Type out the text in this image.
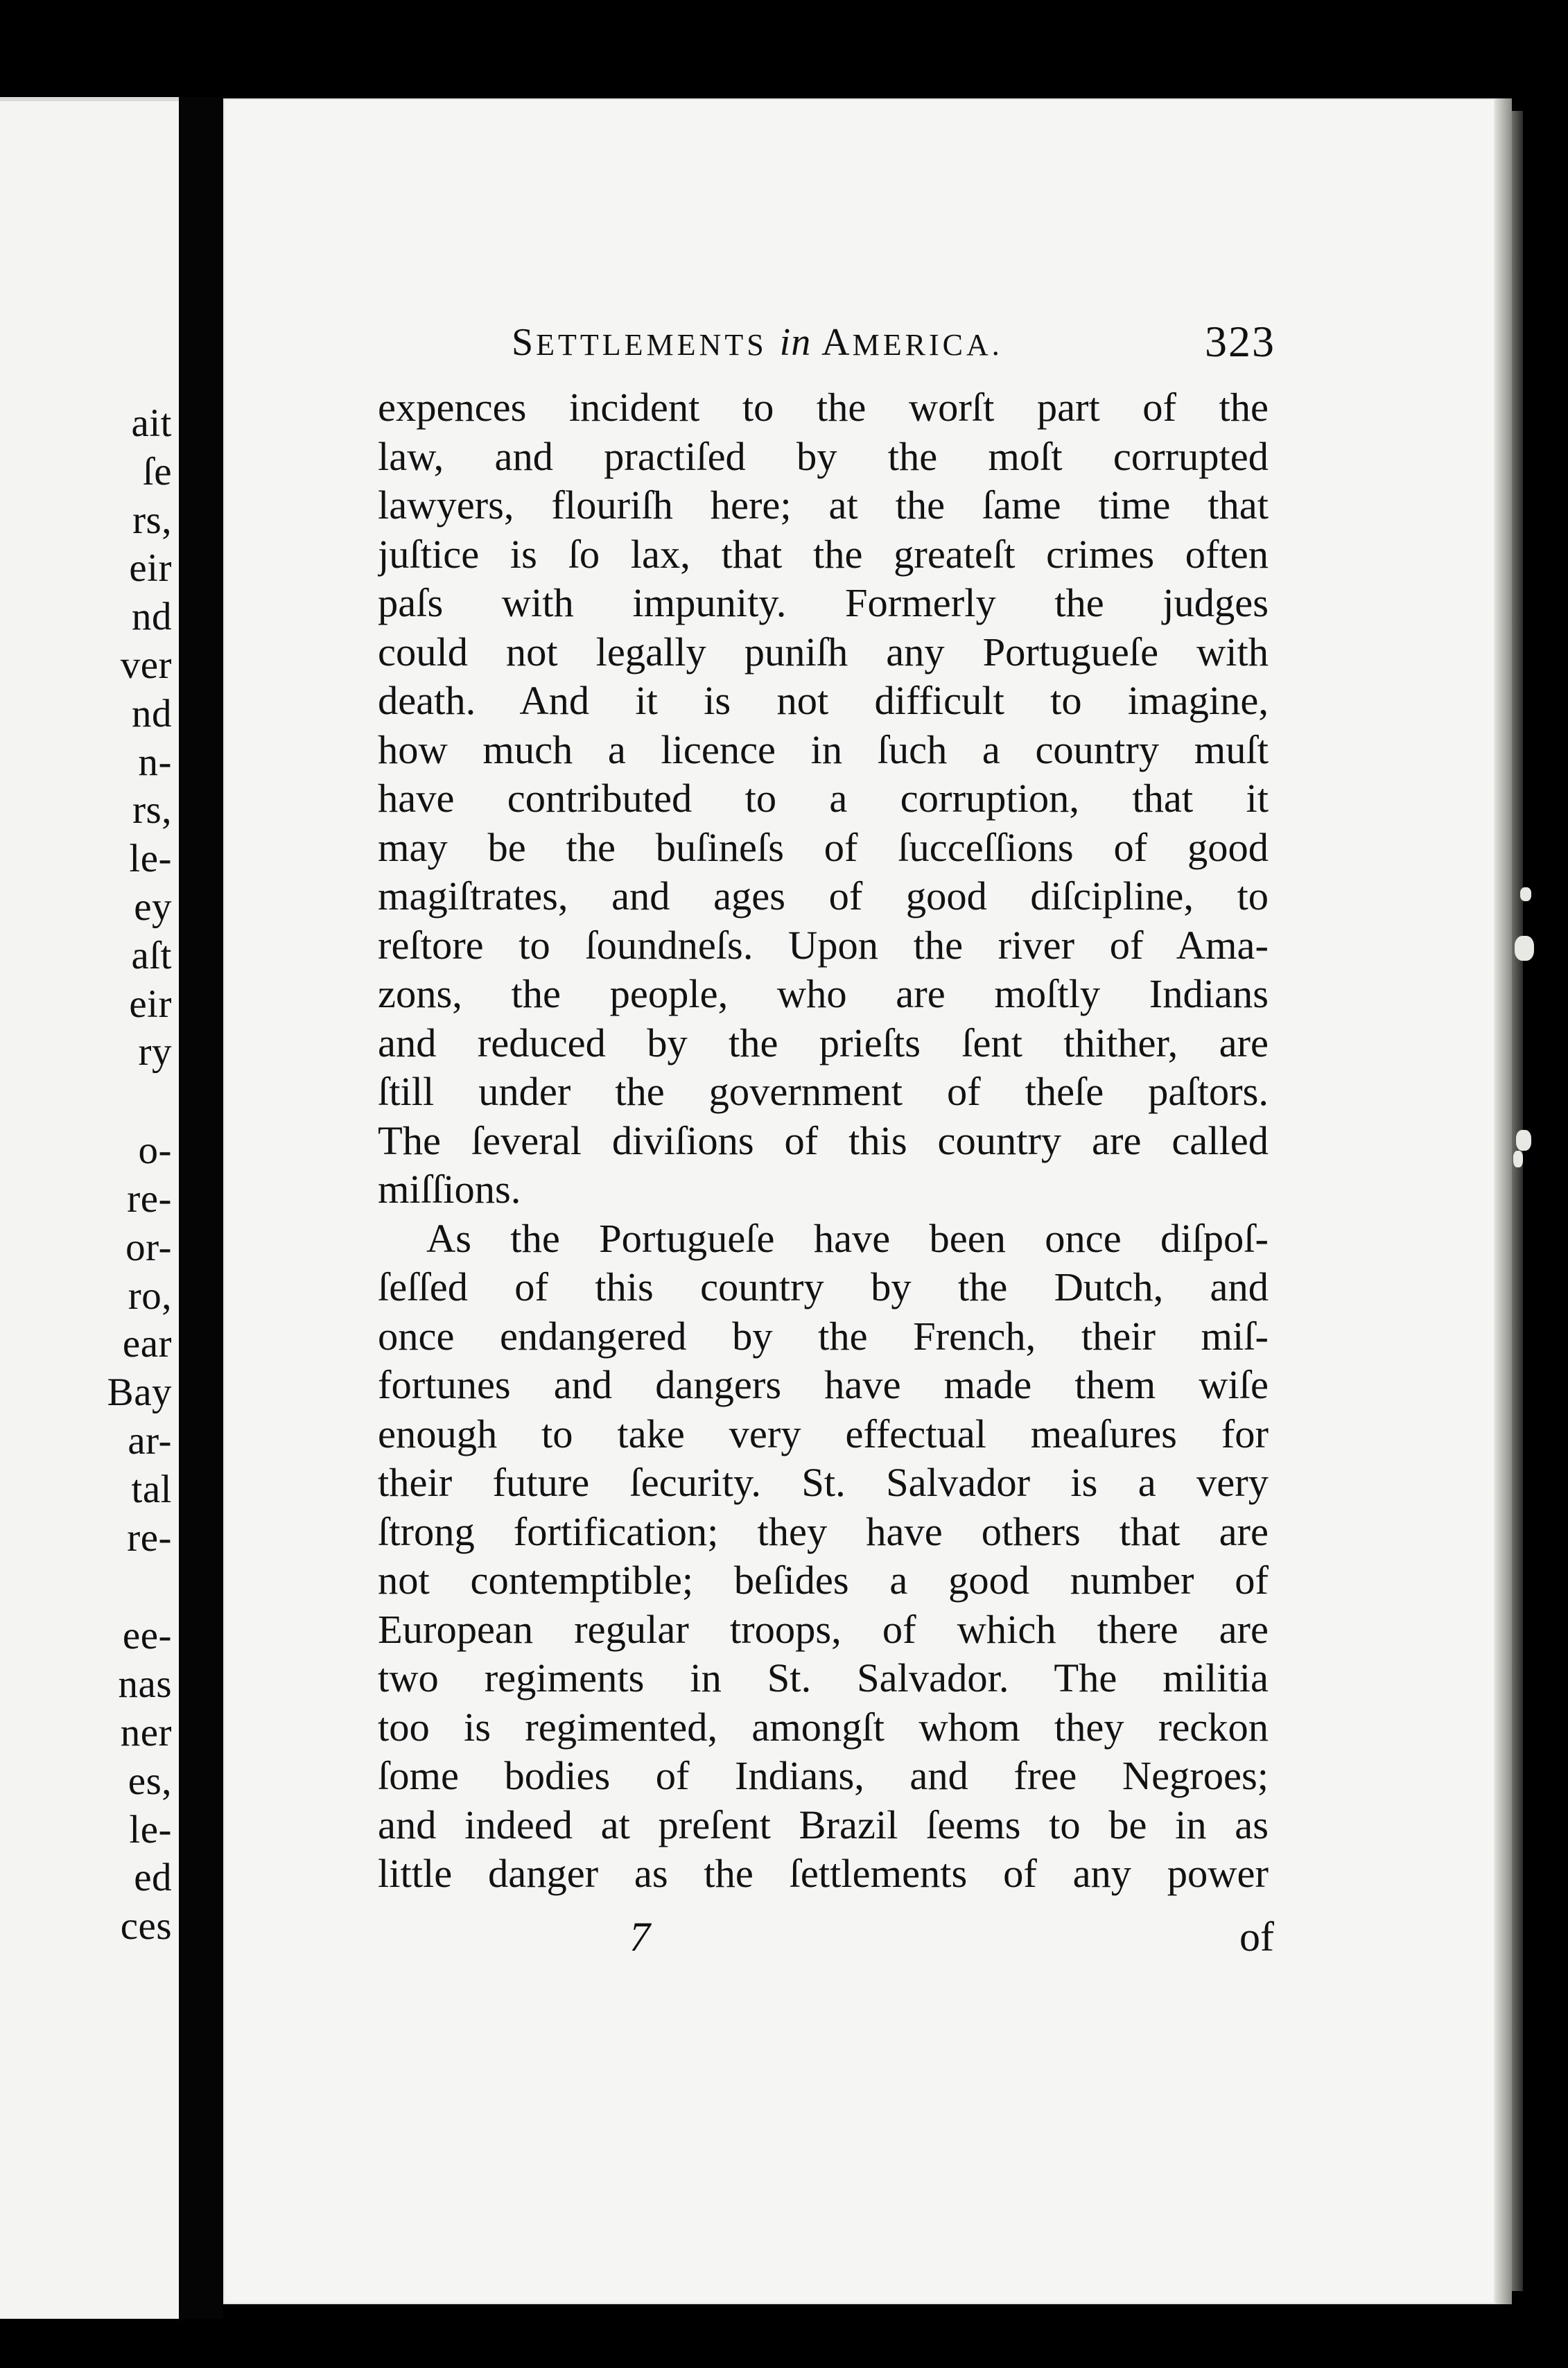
ait
ſe
rs,
eir
nd
ver
nd
n-
rs,
le-
ey
aſt
eir
ry
o-
re-
or-
ro,
ear
Bay
ar-
tal
re-
ee-
nas
ner
es,
le-
ed
ces
SETTLEMENTS in AMERICA.	323
expences incident to the worſt part of the
law, and practiſed by the moſt corrupted
lawyers, flouriſh here; at the ſame time that
juſtice is ſo lax, that the greateſt crimes often
paſs with impunity. Formerly the judges
could not legally puniſh any Portugueſe with
death. And it is not difficult to imagine,
how much a licence in ſuch a country muſt
have contributed to a corruption, that it
may be the buſineſs of ſucceſſions of good
magiſtrates, and ages of good diſcipline, to
reſtore to ſoundneſs. Upon the river of Ama-
zons, the people, who are moſtly Indians
and reduced by the prieſts ſent thither, are
ſtill under the government of theſe paſtors.
The ſeveral diviſions of this country are called
miſſions.
As the Portugueſe have been once diſpoſ-
ſeſſed of this country by the Dutch, and
once endangered by the French, their miſ-
fortunes and dangers have made them wiſe
enough to take very effectual meaſures for
their future ſecurity. St. Salvador is a very
ſtrong fortification; they have others that are
not contemptible; beſides a good number of
European regular troops, of which there are
two regiments in St. Salvador. The militia
too is regimented, amongſt whom they reckon
ſome bodies of Indians, and free Negroes;
and indeed at preſent Brazil ſeems to be in as
little danger as the ſettlements of any power
7	of
